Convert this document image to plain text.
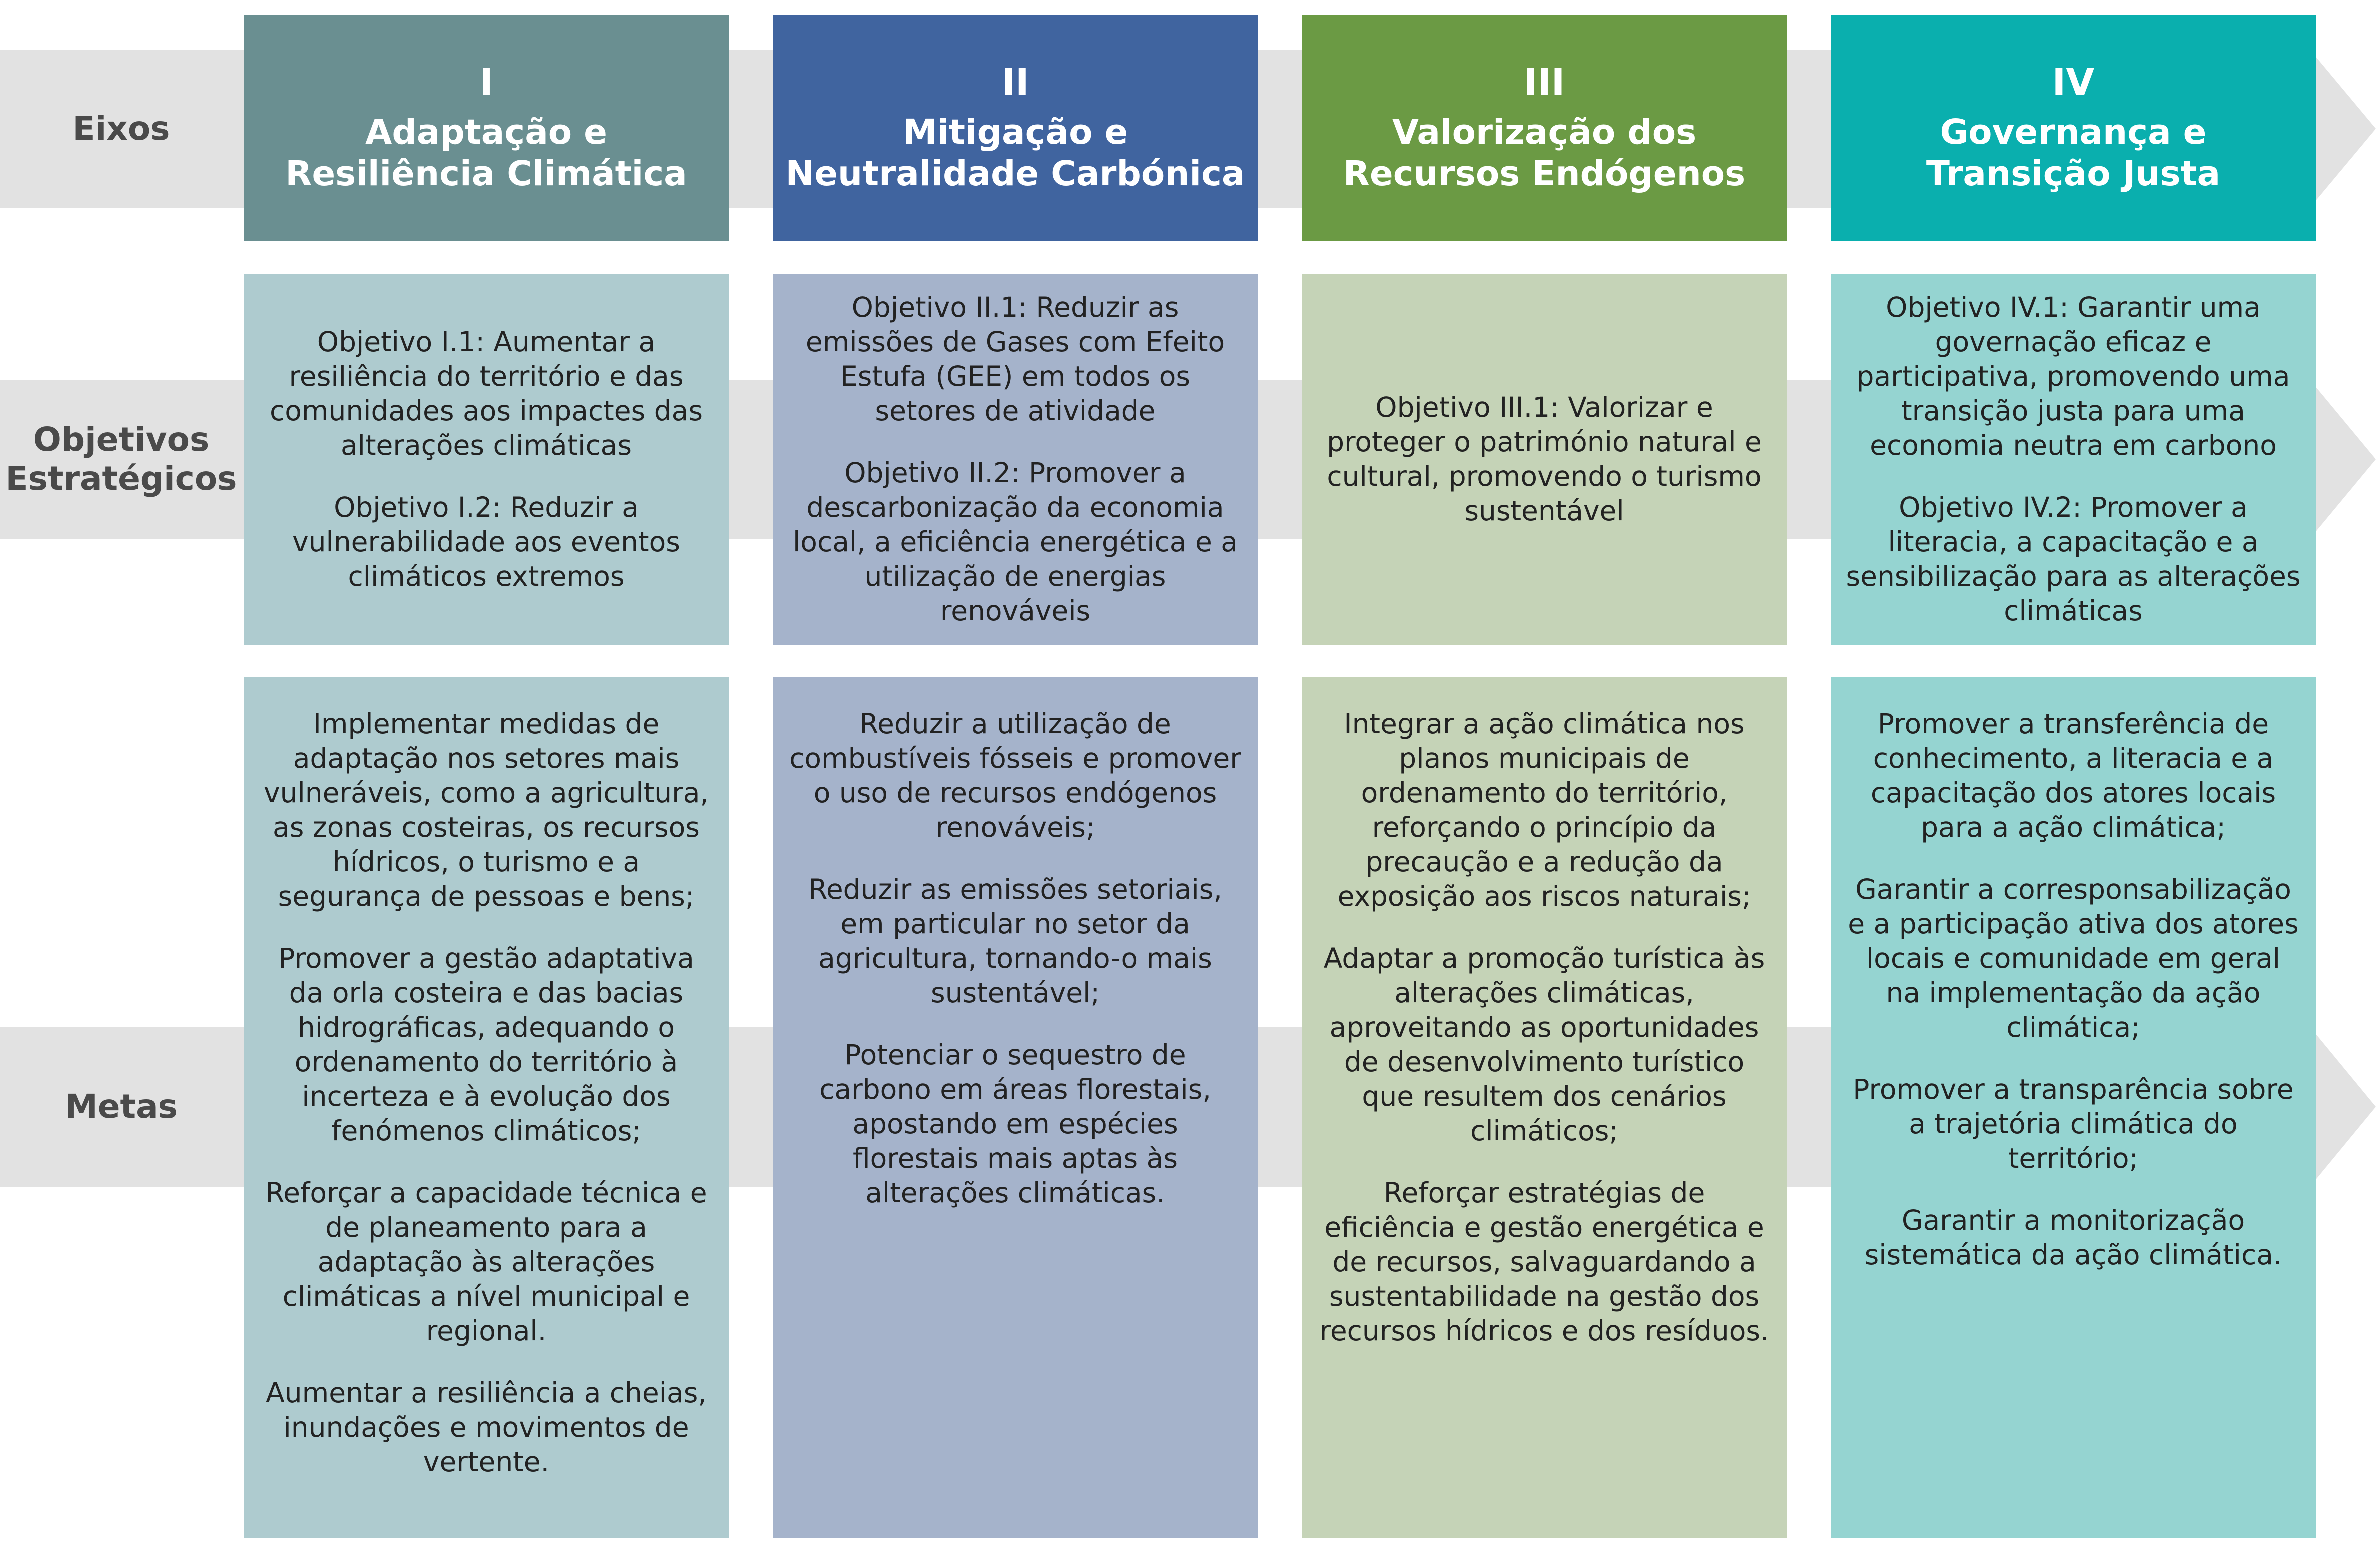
Eixos
Objetivos
Estratégicos
Metas
I
Adaptação e Resiliência Climática
II
Mitigação e Neutralidade Carbónica
III
Valorização dos Recursos Endógenos
IV
Governança e Transição Justa

Objetivo I.1: Aumentar a resiliência do território e das comunidades aos impactes das alterações climáticas

Objetivo I.2: Reduzir a vulnerabilidade aos eventos climáticos extremos

Objetivo II.1: Reduzir as emissões de Gases com Efeito Estufa (GEE) em todos os setores de atividade

Objetivo II.2: Promover a descarbonização da economia local, a eficiência energética e a utilização de energias renováveis

Objetivo III.1: Valorizar e proteger o património natural e cultural, promovendo o turismo sustentável

Objetivo IV.1: Garantir uma governação eficaz e participativa, promovendo uma transição justa para uma economia neutra em carbono

Objetivo IV.2: Promover a literacia, a capacitação e a sensibilização para as alterações climáticas

Implementar medidas de adaptação nos setores mais vulneráveis, como a agricultura, as zonas costeiras, os recursos hídricos, o turismo e a segurança de pessoas e bens;

Promover a gestão adaptativa da orla costeira e das bacias hidrográficas, adequando o ordenamento do território à incerteza e à evolução dos fenómenos climáticos;

Reforçar a capacidade técnica e de planeamento para a adaptação às alterações climáticas a nível municipal e regional.

Aumentar a resiliência a cheias, inundações e movimentos de vertente.

Reduzir a utilização de combustíveis fósseis e promover o uso de recursos endógenos renováveis;

Reduzir as emissões setoriais, em particular no setor da agricultura, tornando-o mais sustentável;

Potenciar o sequestro de carbono em áreas florestais, apostando em espécies florestais mais aptas às alterações climáticas.

Integrar a ação climática nos planos municipais de ordenamento do território, reforçando o princípio da precaução e a redução da exposição aos riscos naturais;

Adaptar a promoção turística às alterações climáticas, aproveitando as oportunidades de desenvolvimento turístico que resultem dos cenários climáticos;

Reforçar estratégias de eficiência e gestão energética e de recursos, salvaguardando a sustentabilidade na gestão dos recursos hídricos e dos resíduos.

Promover a transferência de conhecimento, a literacia e a capacitação dos atores locais para a ação climática;

Garantir a corresponsabilização e a participação ativa dos atores locais e comunidade em geral na implementação da ação climática;

Promover a transparência sobre a trajetória climática do território;

Garantir a monitorização sistemática da ação climática.
